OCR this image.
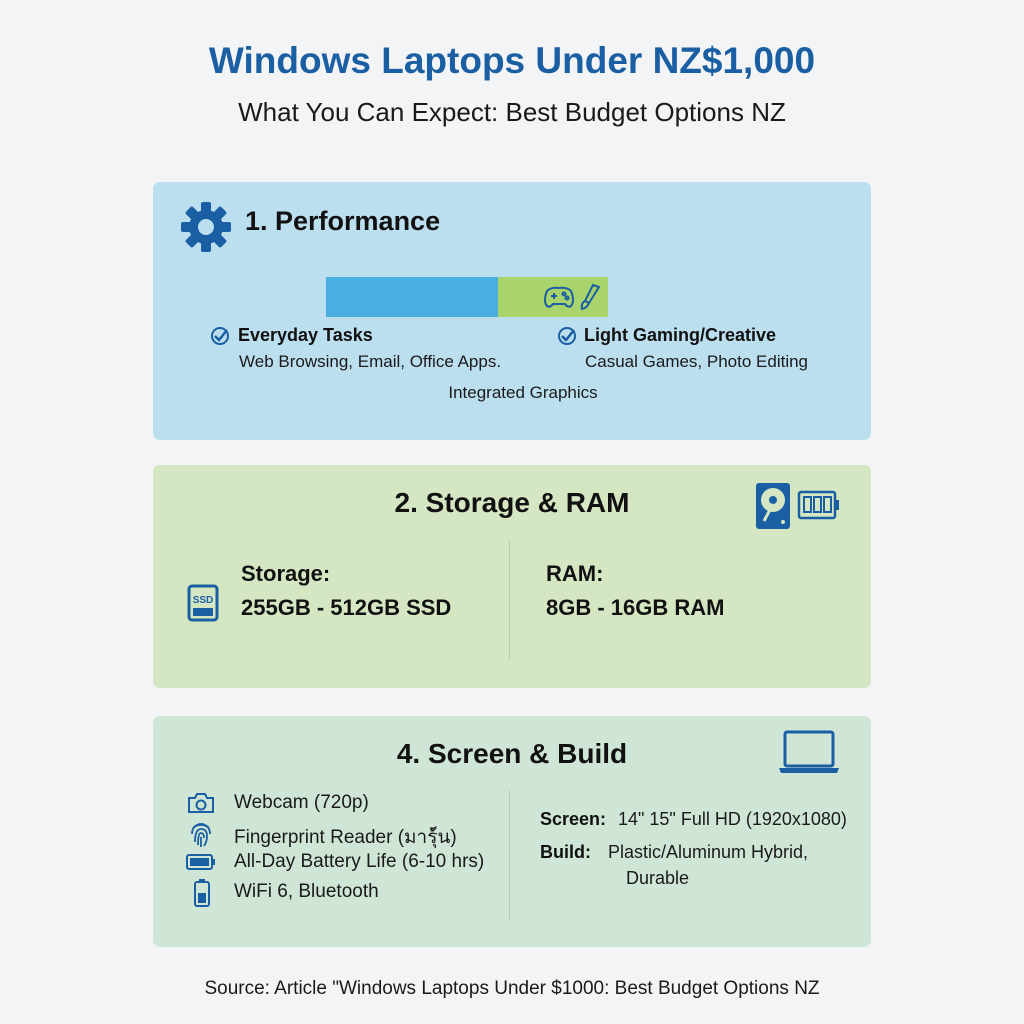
Windows Laptops Under NZ$1,000
What You Can Expect: Best Budget Options NZ
1. Performance
Everyday Tasks
Web Browsing, Email, Office Apps.
Light Gaming/Creative
Casual Games, Photo Editing
Integrated Graphics
2. Storage & RAM
SSD
Storage:
255GB - 512GB SSD
RAM:
8GB - 16GB RAM
4. Screen & Build
Webcam (720p)
Fingerprint Reader (มาร์ุ้น)
All-Day Battery Life (6-10 hrs)
WiFi 6, Bluetooth
Screen: 14" 15" Full HD (1920x1080)
Build: Plastic/Aluminum Hybrid,
Durable
Source: Article "Windows Laptops Under $1000: Best Budget Options NZ
